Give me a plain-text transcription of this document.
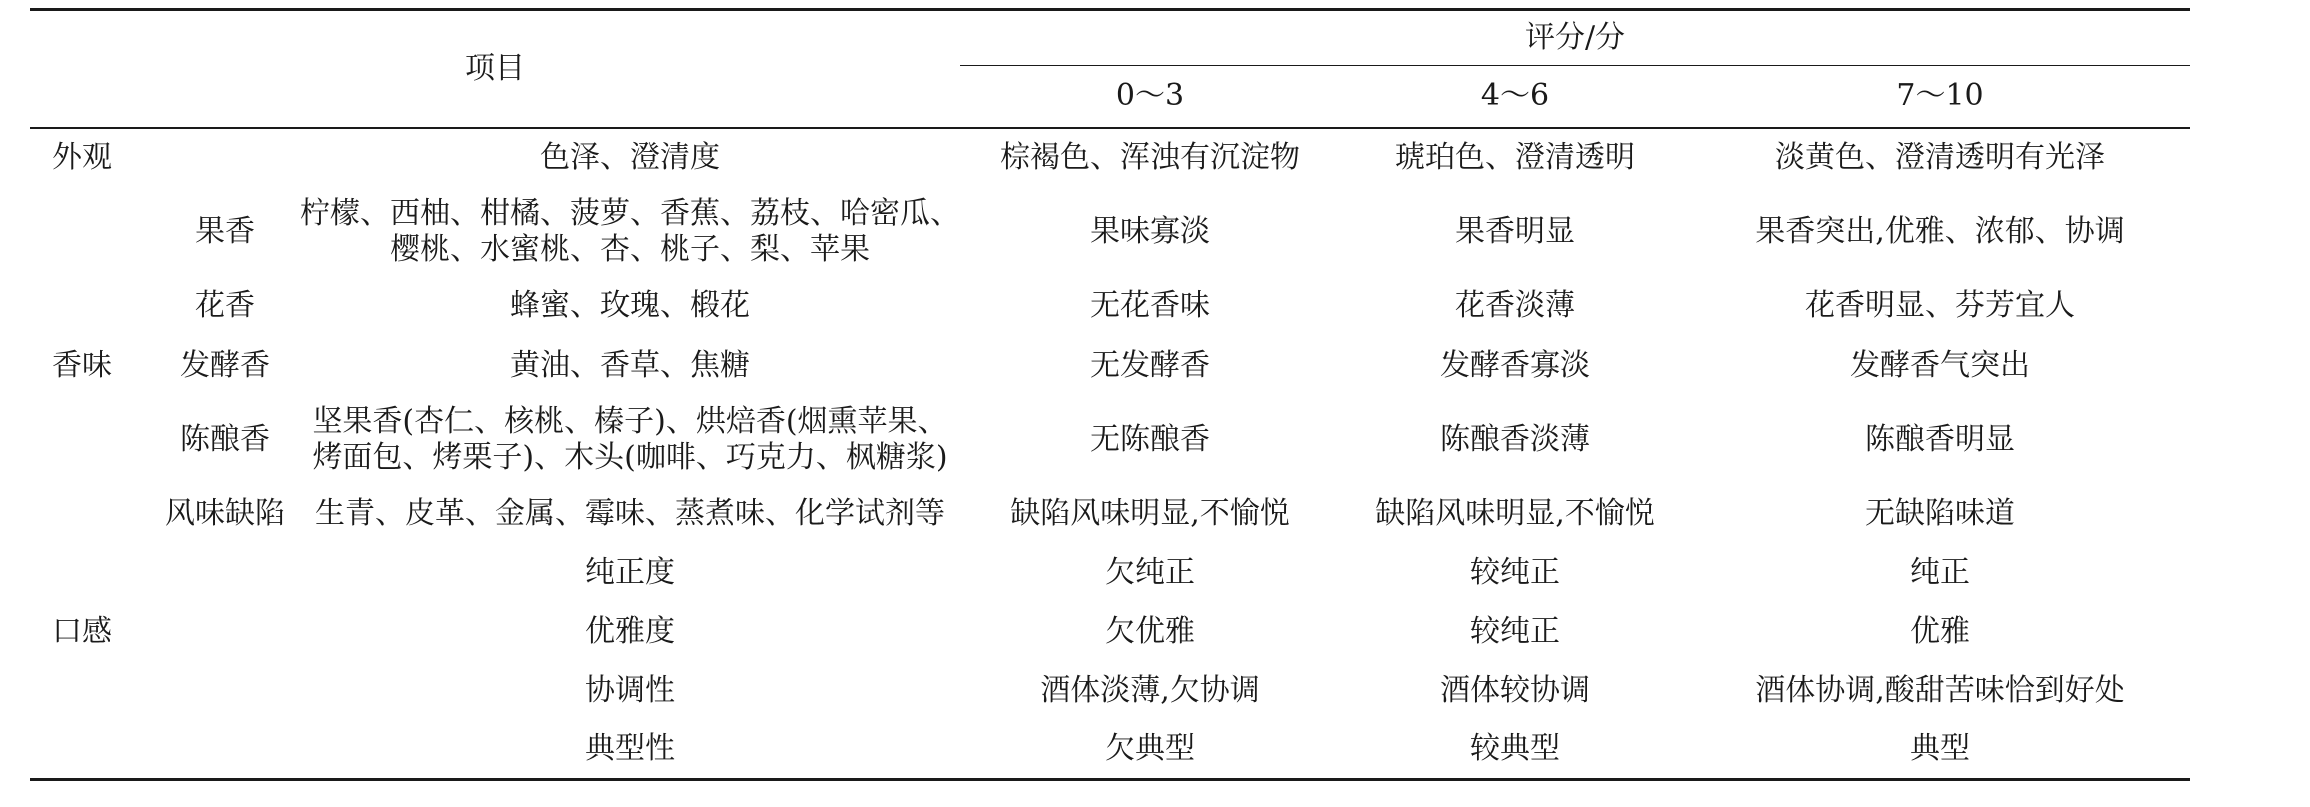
项目			评分/分		
			0～3	4～6	7～10
外观		色泽、澄清度	棕褐色、浑浊有沉淀物	琥珀色、澄清透明	淡黄色、澄清透明有光泽
	果香	柠檬、西柚、柑橘、菠萝、香蕉、荔枝、哈密瓜、
樱桃、水蜜桃、杏、桃子、梨、苹果	果味寡淡	果香明显	果香突出,优雅、浓郁、协调
	花香	蜂蜜、玫瑰、椴花	无花香味	花香淡薄	花香明显、芬芳宜人
香味	发酵香	黄油、香草、焦糖	无发酵香	发酵香寡淡	发酵香气突出
	陈酿香	坚果香(杏仁、核桃、榛子)、烘焙香(烟熏苹果、
烤面包、烤栗子)、木头(咖啡、巧克力、枫糖浆)	无陈酿香	陈酿香淡薄	陈酿香明显
	风味缺陷	生青、皮革、金属、霉味、蒸煮味、化学试剂等	缺陷风味明显,不愉悦	缺陷风味明显,不愉悦	无缺陷味道
		纯正度	欠纯正	较纯正	纯正
口感		优雅度	欠优雅	较纯正	优雅
		协调性	酒体淡薄,欠协调	酒体较协调	酒体协调,酸甜苦味恰到好处
		典型性	欠典型	较典型	典型
